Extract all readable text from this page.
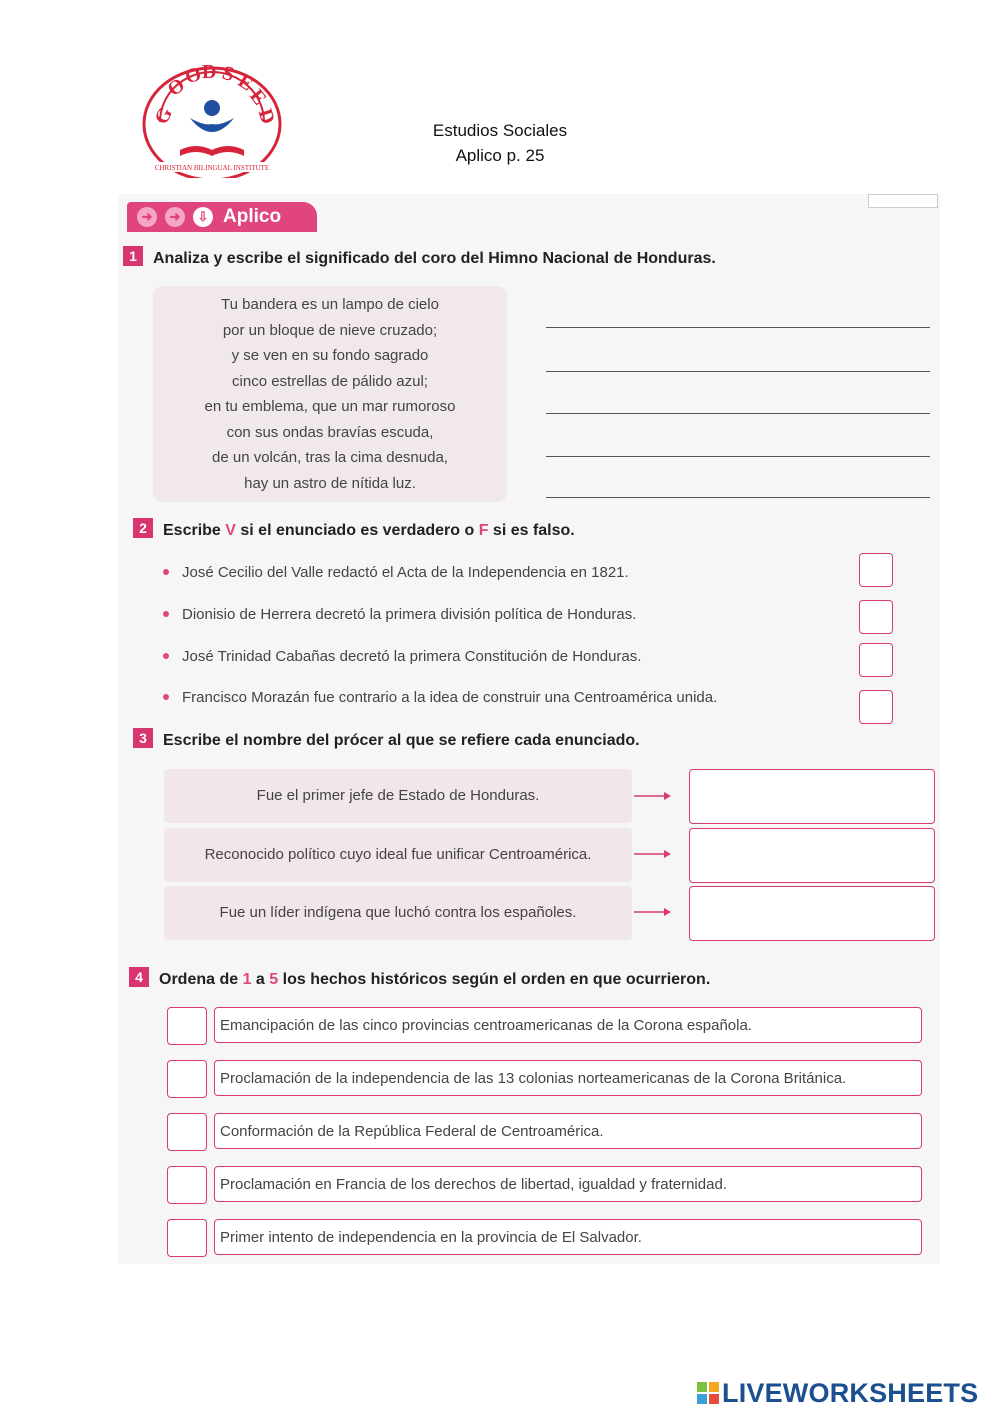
G
O
O
D S
E
E
D
CHRISTIAN BILINGUAL INSTITUTE
Estudios Sociales
Aplico p. 25
➜	➜	⇩ Aplico
1	Analiza y escribe el significado del coro del Himno Nacional de Honduras.
Tu bandera es un lampo de cielo
por un bloque de nieve cruzado;
y se ven en su fondo sagrado
cinco estrellas de pálido azul;
en tu emblema, que un mar rumoroso
con sus ondas bravías escuda,
de un volcán, tras la cima desnuda,
hay un astro de nítida luz.
2	Escribe V si el enunciado es verdadero o F si es falso.
José Cecilio del Valle redactó el Acta de la Independencia en 1821.
Dionisio de Herrera decretó la primera división política de Honduras.
José Trinidad Cabañas decretó la primera Constitución de Honduras.
Francisco Morazán fue contrario a la idea de construir una Centroamérica unida.
3	Escribe el nombre del prócer al que se refiere cada enunciado.
Fue el primer jefe de Estado de Honduras.
Reconocido político cuyo ideal fue unificar Centroamérica.
Fue un líder indígena que luchó contra los españoles.
4	Ordena de 1 a 5 los hechos históricos según el orden en que ocurrieron.
Emancipación de las cinco provincias centroamericanas de la Corona española.
Proclamación de la independencia de las 13 colonias norteamericanas de la Corona Británica.
Conformación de la República Federal de Centroamérica.
Proclamación en Francia de los derechos de libertad, igualdad y fraternidad.
Primer intento de independencia en la provincia de El Salvador.
LIVEWORKSHEETS
